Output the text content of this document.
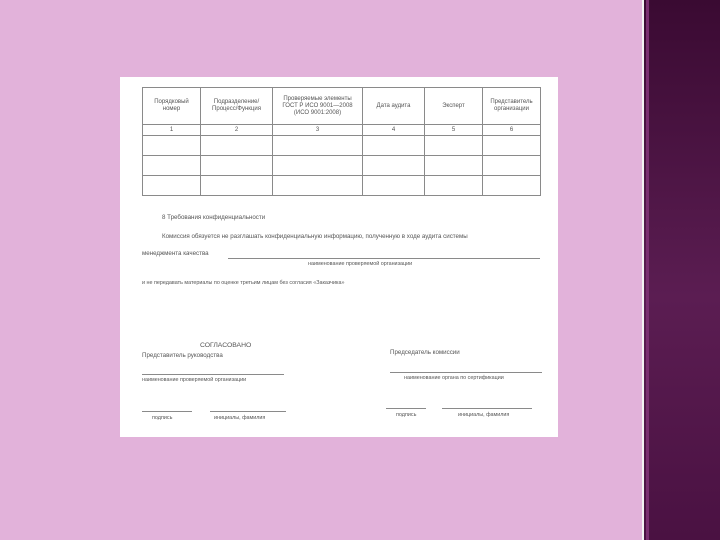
Порядковый номер	Подразделение/ Процесс/Функция	Проверяемые элементы ГОСТ Р ИСО 9001—2008 (ИСО 9001:2008)	Дата аудита	Эксперт	Представитель организации
1	2	3	4	5	6

8 Требования конфиденциальности
Комиссия обязуется не разглашать конфиденциальную информацию, полученную в ходе аудита системы
менеджмента качества
наименование проверяемой организации
и не передавать материалы по оценке третьим лицам без согласия «Заказчика»
СОГЛАСОВАНО
Представитель руководства
наименование проверяемой организации
подпись	инициалы, фамилия
Председатель комиссии
наименование органа по сертификации
подпись	инициалы, фамилия
